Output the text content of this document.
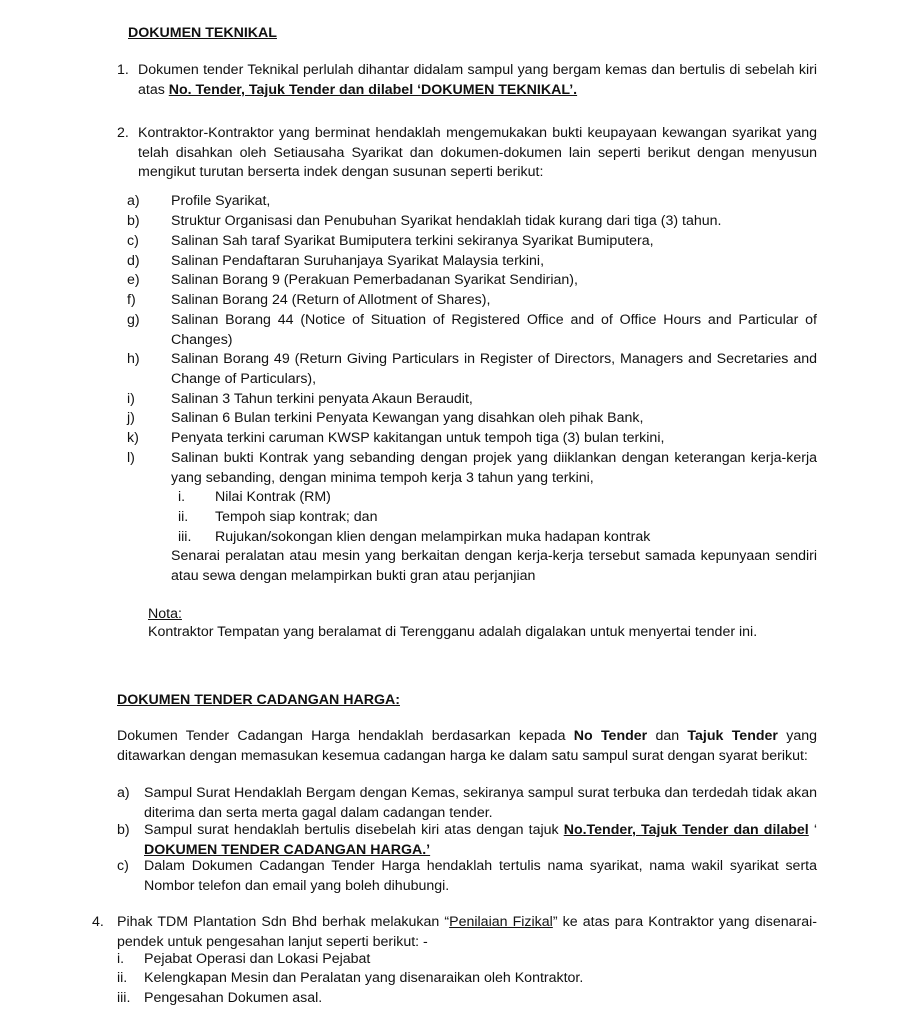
DOKUMEN TEKNIKAL
1. Dokumen tender Teknikal perlulah dihantar didalam sampul yang bergam kemas dan bertulis di sebelah kiri atas No. Tender, Tajuk Tender dan dilabel ‘DOKUMEN TEKNIKAL’.
2. Kontraktor-Kontraktor yang berminat hendaklah mengemukakan bukti keupayaan kewangan syarikat yang telah disahkan oleh Setiausaha Syarikat dan dokumen-dokumen lain seperti berikut dengan menyusun mengikut turutan berserta indek dengan susunan seperti berikut:
a) Profile Syarikat,
b) Struktur Organisasi dan Penubuhan Syarikat hendaklah tidak kurang dari tiga (3) tahun.
c) Salinan Sah taraf Syarikat Bumiputera terkini sekiranya Syarikat Bumiputera,
d) Salinan Pendaftaran Suruhanjaya Syarikat Malaysia terkini,
e) Salinan Borang 9 (Perakuan Pemerbadanan Syarikat Sendirian),
f) Salinan Borang 24 (Return of Allotment of Shares),
g) Salinan Borang 44 (Notice of Situation of Registered Office and of Office Hours and Particular of Changes)
h) Salinan Borang 49 (Return Giving Particulars in Register of Directors, Managers and Secretaries and Change of Particulars),
i)	Salinan 3 Tahun terkini penyata Akaun Beraudit,
j)	Salinan 6 Bulan terkini Penyata Kewangan yang disahkan oleh pihak Bank,
k) Penyata terkini caruman KWSP kakitangan untuk tempoh tiga (3) bulan terkini,
l)	Salinan bukti Kontrak yang sebanding dengan projek yang diiklankan dengan keterangan kerja-kerja yang sebanding, dengan minima tempoh kerja 3 tahun yang terkini,
i. Nilai Kontrak (RM)
ii. Tempoh siap kontrak; dan
iii. Rujukan/sokongan klien dengan melampirkan muka hadapan kontrak
Senarai peralatan atau mesin yang berkaitan dengan kerja-kerja tersebut samada kepunyaan sendiri atau sewa dengan melampirkan bukti gran atau perjanjian
Nota:
Kontraktor Tempatan yang beralamat di Terengganu adalah digalakan untuk menyertai tender ini.
DOKUMEN TENDER CADANGAN HARGA:
Dokumen Tender Cadangan Harga hendaklah berdasarkan kepada No Tender dan Tajuk Tender yang ditawarkan dengan memasukan kesemua cadangan harga ke dalam satu sampul surat dengan syarat berikut:
a) Sampul Surat Hendaklah Bergam dengan Kemas, sekiranya sampul surat terbuka dan terdedah tidak akan diterima dan serta merta gagal dalam cadangan tender.
b) Sampul surat hendaklah bertulis disebelah kiri atas dengan tajuk No.Tender, Tajuk Tender dan dilabel ‘ DOKUMEN TENDER CADANGAN HARGA.’
c) Dalam Dokumen Cadangan Tender Harga hendaklah tertulis nama syarikat, nama wakil syarikat serta Nombor telefon dan email yang boleh dihubungi.
4. Pihak TDM Plantation Sdn Bhd berhak melakukan “Penilaian Fizikal” ke atas para Kontraktor yang disenarai-pendek untuk pengesahan lanjut seperti berikut: -
i. Pejabat Operasi dan Lokasi Pejabat
ii. Kelengkapan Mesin dan Peralatan yang disenaraikan oleh Kontraktor.
iii. Pengesahan Dokumen asal.
